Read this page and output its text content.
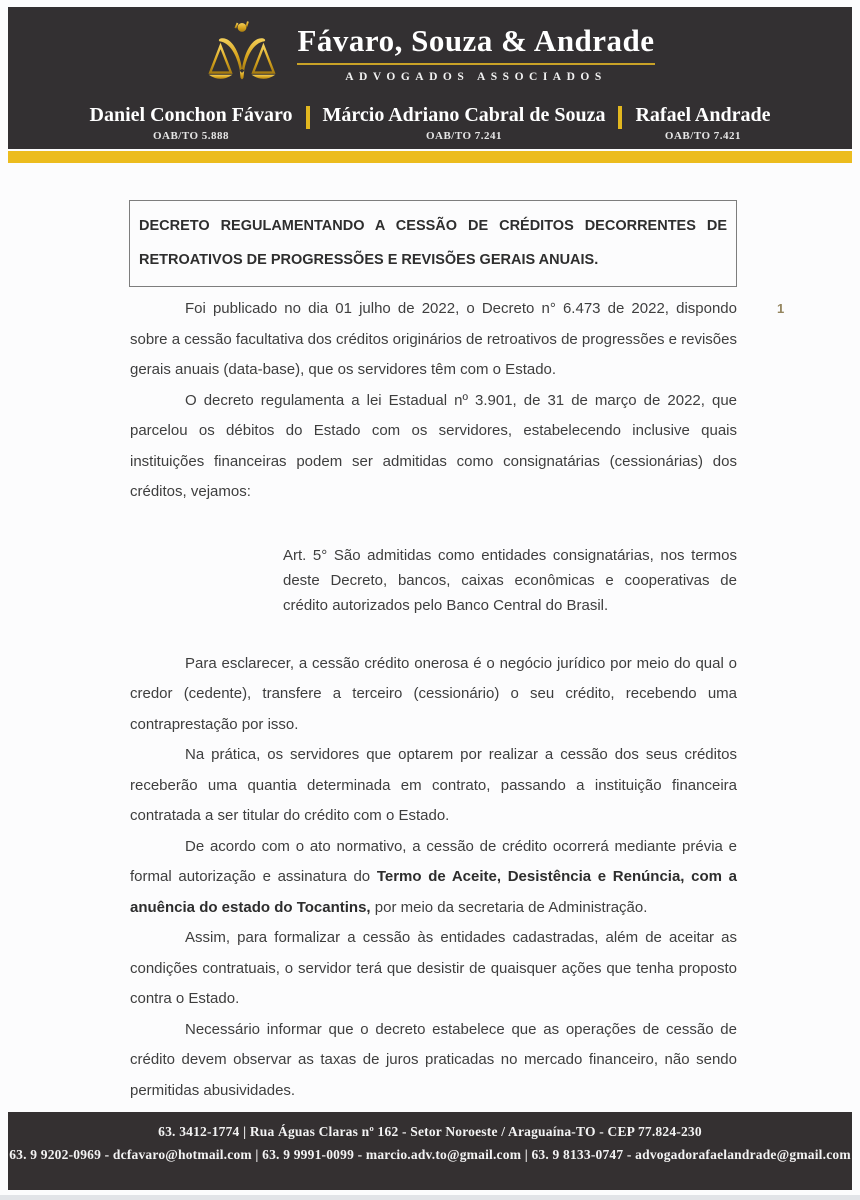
Fávaro, Souza & Andrade
ADVOGADOS ASSOCIADOS
Daniel Conchon Fávaro
OAB/TO 5.888
Márcio Adriano Cabral de Souza
OAB/TO 7.241
Rafael Andrade
OAB/TO 7.421
DECRETO REGULAMENTANDO A CESSÃO DE CRÉDITOS DECORRENTES DE RETROATIVOS DE PROGRESSÕES E REVISÕES GERAIS ANUAIS.
1

Foi publicado no dia 01 julho de 2022, o Decreto n° 6.473 de 2022, dispondo sobre a cessão facultativa dos créditos originários de retroativos de progressões e revisões gerais anuais (data-base), que os servidores têm com o Estado.

O decreto regulamenta a lei Estadual nº 3.901, de 31 de março de 2022, que parcelou os débitos do Estado com os servidores, estabelecendo inclusive quais instituições financeiras podem ser admitidas como consignatárias (cessionárias) dos créditos, vejamos:

Art. 5° São admitidas como entidades consignatárias, nos termos deste Decreto, bancos, caixas econômicas e cooperativas de crédito autorizados pelo Banco Central do Brasil.

Para esclarecer, a cessão crédito onerosa é o negócio jurídico por meio do qual o credor (cedente), transfere a terceiro (cessionário) o seu crédito, recebendo uma contraprestação por isso.

Na prática, os servidores que optarem por realizar a cessão dos seus créditos receberão uma quantia determinada em contrato, passando a instituição financeira contratada a ser titular do crédito com o Estado.

De acordo com o ato normativo, a cessão de crédito ocorrerá mediante prévia e formal autorização e assinatura do Termo de Aceite, Desistência e Renúncia, com a anuência do estado do Tocantins, por meio da secretaria de Administração.

Assim, para formalizar a cessão às entidades cadastradas, além de aceitar as condições contratuais, o servidor terá que desistir de quaisquer ações que tenha proposto contra o Estado.

Necessário informar que o decreto estabelece que as operações de cessão de crédito devem observar as taxas de juros praticadas no mercado financeiro, não sendo permitidas abusividades.

63. 3412-1774 | Rua Águas Claras nº 162 - Setor Noroeste / Araguaína-TO - CEP 77.824-230
63. 9 9202-0969 - dcfavaro@hotmail.com | 63. 9 9991-0099 - marcio.adv.to@gmail.com | 63. 9 8133-0747 - advogadorafaelandrade@gmail.com
